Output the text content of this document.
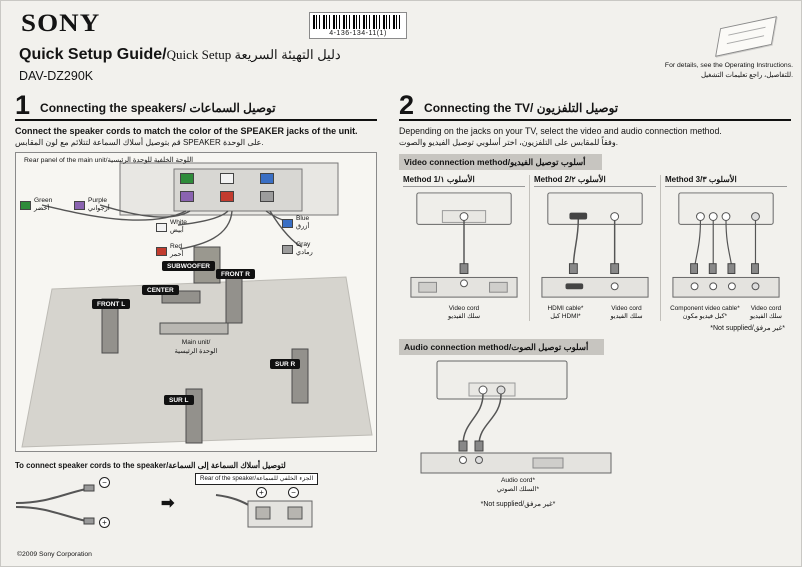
SONY	4-136-134-11(1)
Quick Setup Guide/Quick Setup دليل التهيئة السريعة
DAV-DZ290K
For details, see the Operating Instructions.
للتفاصيل، راجع تعليمات التشغيل.
1 Connecting the speakers/ توصيل السماعات
Connect the speaker cords to match the color of the SPEAKER jacks of the unit.
قم بتوصيل أسلاك السماعة لتتلائم مع لون المقابس SPEAKER على الوحدة.
Rear panel of the main unit/اللوحة الخلفية للوحدة الرئيسية
Green
أخضر
Purple
أرجواني
White
أبيض
Blue
أزرق
Red
أحمر
Gray
رمادي
SUBWOOFER
CENTER
FRONT R
FRONT L
SUR R
SUR L
Main unit/
الوحدة الرئيسية
To connect speaker cords to the speaker/لتوصيل أسلاك السماعة إلى السماعة
−
+
+	−
➡
Rear of the speaker/الجزء الخلفي للسماعة
2 Connecting the TV/ توصيل التلفزيون
Depending on the jacks on your TV, select the video and audio connection method.
وفقاً للمقابس على التلفزيون، اختر أسلوبي توصيل الفيديو والصوت.
Video connection method/أسلوب توصيل الفيديو
Method 1/الأسلوب ١
Video cord
سلك الفيديو
Method 2/الأسلوب ٢
HDMI cable*
كبل HDMI*
Video cord
سلك الفيديو
Method 3/الأسلوب ٣
Component video cable*
كبل فيديو مكون*
Video cord
سلك الفيديو
*Not supplied/غير مرفق*
Audio connection method/أسلوب توصيل الصوت
Audio cord*
السلك الصوتي*
*Not supplied/غير مرفق*
©2009 Sony Corporation
